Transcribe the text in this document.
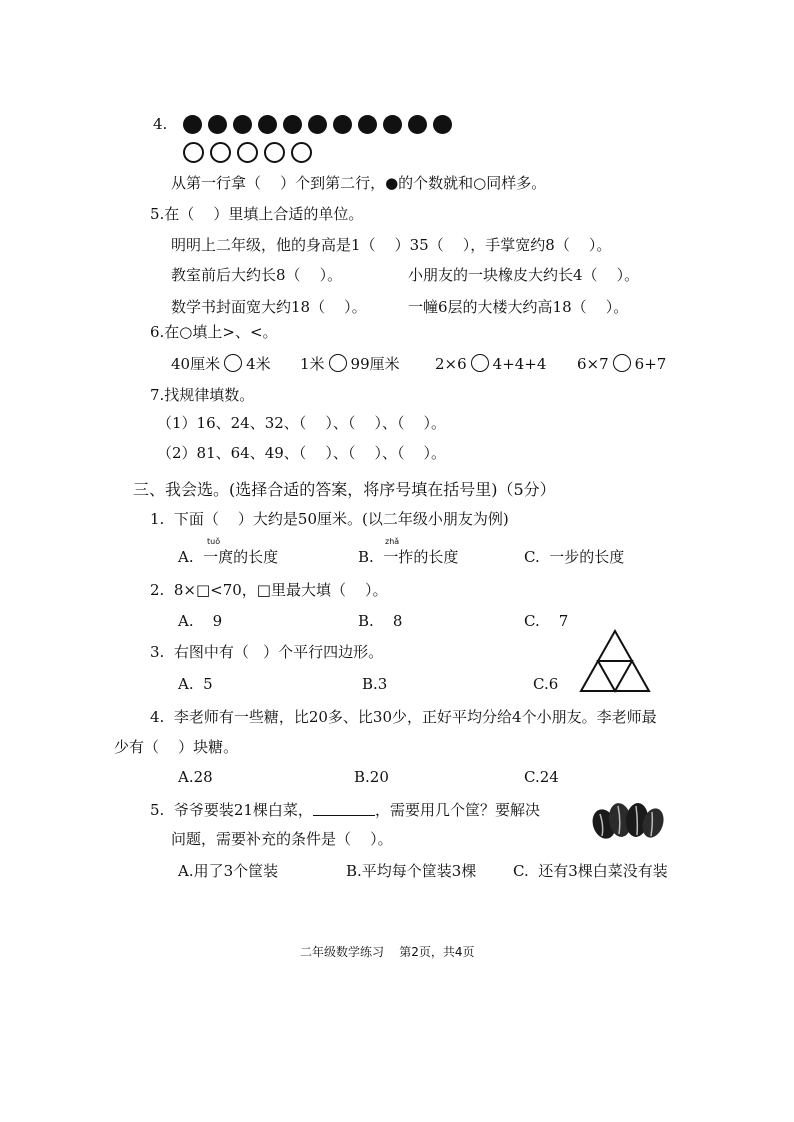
4.
从第一行拿（    ）个到第二行，●的个数就和○同样多。
5.在（    ）里填上合适的单位。
明明上二年级，他的身高是1（    ）35（    ），手掌宽约8（    ）。
教室前后大约长8（    ）。	小朋友的一块橡皮大约长4（    ）。
数学书封面宽大约18（    ）。	一幢6层的大楼大约高18（    ）。
6.在○填上>、<。
40厘米 4米 1米 99厘米 2×6 4+4+4 6×7 6+7
7.找规律填数。
（1）16、24、32、（    ）、（    ）、（    ）。
（2）81、64、49、（    ）、（    ）、（    ）。
三、我会选。(选择合适的答案，将序号填在括号里)（5分）
1.  下面（    ）大约是50厘米。(以二年级小朋友为例)
tuǒ	zhǎ
A.  一庹的长度	B.  一拃的长度	C.  一步的长度
2.  8×□<70，□里最大填（    ）。
A.    9	B.    8	C.    7
3.  右图中有（   ）个平行四边形。
A.  5	B.3	C.6
4.  李老师有一些糖，比20多、比30少，正好平均分给4个小朋友。李老师最
少有（    ）块糖。
A.28	B.20	C.24
5.  爷爷要装21棵白菜，	，需要用几个筐？要解决
问题，需要补充的条件是（    ）。
A.用了3个筐装	B.平均每个筐装3棵 C.  还有3棵白菜没有装
二年级数学练习    第2页，共4页
